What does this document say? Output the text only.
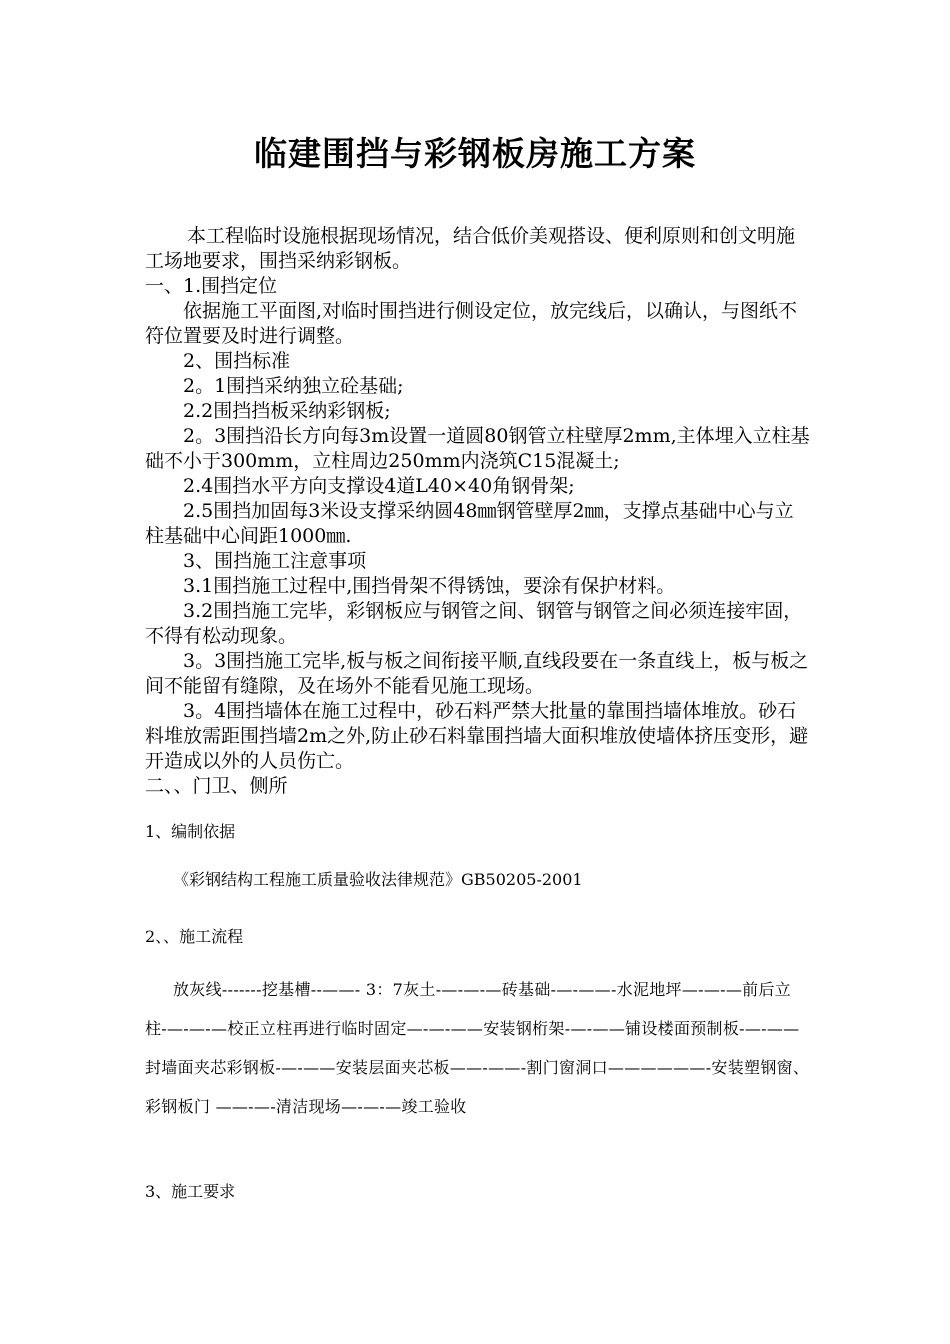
临建围挡与彩钢板房施工方案

本工程临时设施根据现场情况，结合低价美观搭设、便利原则和创文明施工场地要求，围挡采纳彩钢板。

一、1.围挡定位

依据施工平面图,对临时围挡进行侧设定位，放完线后，以确认，与图纸不符位置要及时进行调整。

2、围挡标准

2。1围挡采纳独立砼基础;

2.2围挡挡板采纳彩钢板;

2。3围挡沿长方向每3m设置一道圆80钢管立柱壁厚2mm,主体埋入立柱基础不小于300mm，立柱周边250mm内浇筑C15混凝土;

2.4围挡水平方向支撑设4道L40×40角钢骨架;

2.5围挡加固每3米设支撑采纳圆48㎜钢管壁厚2㎜，支撑点基础中心与立柱基础中心间距1000㎜.

3、围挡施工注意事项

3.1围挡施工过程中,围挡骨架不得锈蚀，要涂有保护材料。

3.2围挡施工完毕，彩钢板应与钢管之间、钢管与钢管之间必须连接牢固，不得有松动现象。

3。3围挡施工完毕,板与板之间衔接平顺,直线段要在一条直线上，板与板之间不能留有缝隙，及在场外不能看见施工现场。

3。4围挡墙体在施工过程中，砂石料严禁大批量的靠围挡墙体堆放。砂石料堆放需距围挡墙2m之外,防止砂石料靠围挡墙大面积堆放使墙体挤压变形，避开造成以外的人员伤亡。

二、、门卫、侧所

1、编制依据

《彩钢结构工程施工质量验收法律规范》GB50205-2001

2、、施工流程

放灰线-------挖基槽--——- 3：7灰土-—-—-—砖基础-—-——-水泥地坪—-—-—前后立柱-—-—-—校正立柱再进行临时固定—-—-——安装钢桁架-—-——铺设楼面预制板-—-——封墙面夹芯彩钢板-—-——安装层面夹芯板——-——-割门窗洞口——————-安装塑钢窗、彩钢板门 ——-—-清洁现场—-—-—竣工验收

3、施工要求
